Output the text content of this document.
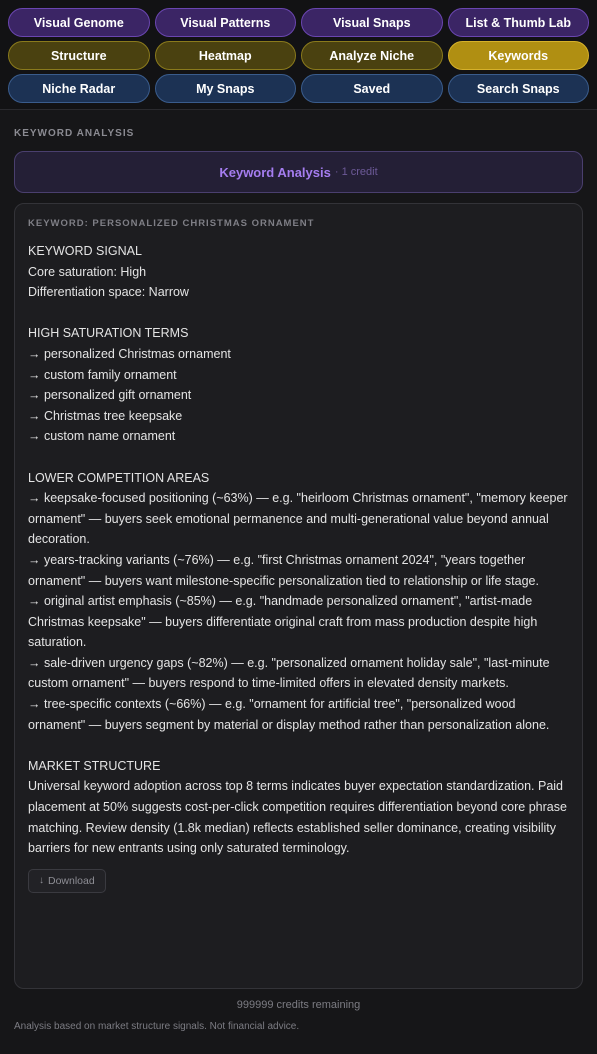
Visual Genome	Visual Patterns	Visual Snaps	List & Thumb Lab
Structure	Heatmap	Analyze Niche	Keywords
Niche Radar	My Snaps	Saved	Search Snaps
KEYWORD ANALYSIS
Keyword Analysis · 1 credit
KEYWORD: PERSONALIZED CHRISTMAS ORNAMENT
KEYWORD SIGNAL
Core saturation: High
Differentiation space: Narrow
HIGH SATURATION TERMS
→ personalized Christmas ornament
→ custom family ornament
→ personalized gift ornament
→ Christmas tree keepsake
→ custom name ornament
LOWER COMPETITION AREAS
→ keepsake-focused positioning (~63%) — e.g. "heirloom Christmas ornament", "memory keeper ornament" — buyers seek emotional permanence and multi-generational value beyond annual decoration.
→ years-tracking variants (~76%) — e.g. "first Christmas ornament 2024", "years together ornament" — buyers want milestone-specific personalization tied to relationship or life stage.
→ original artist emphasis (~85%) — e.g. "handmade personalized ornament", "artist-made Christmas keepsake" — buyers differentiate original craft from mass production despite high saturation.
→ sale-driven urgency gaps (~82%) — e.g. "personalized ornament holiday sale", "last-minute custom ornament" — buyers respond to time-limited offers in elevated density markets.
→ tree-specific contexts (~66%) — e.g. "ornament for artificial tree", "personalized wood ornament" — buyers segment by material or display method rather than personalization alone.
MARKET STRUCTURE
Universal keyword adoption across top 8 terms indicates buyer expectation standardization. Paid placement at 50% suggests cost-per-click competition requires differentiation beyond core phrase matching. Review density (1.8k median) reflects established seller dominance, creating visibility barriers for new entrants using only saturated terminology.
↓ Download
999999 credits remaining
Analysis based on market structure signals. Not financial advice.
